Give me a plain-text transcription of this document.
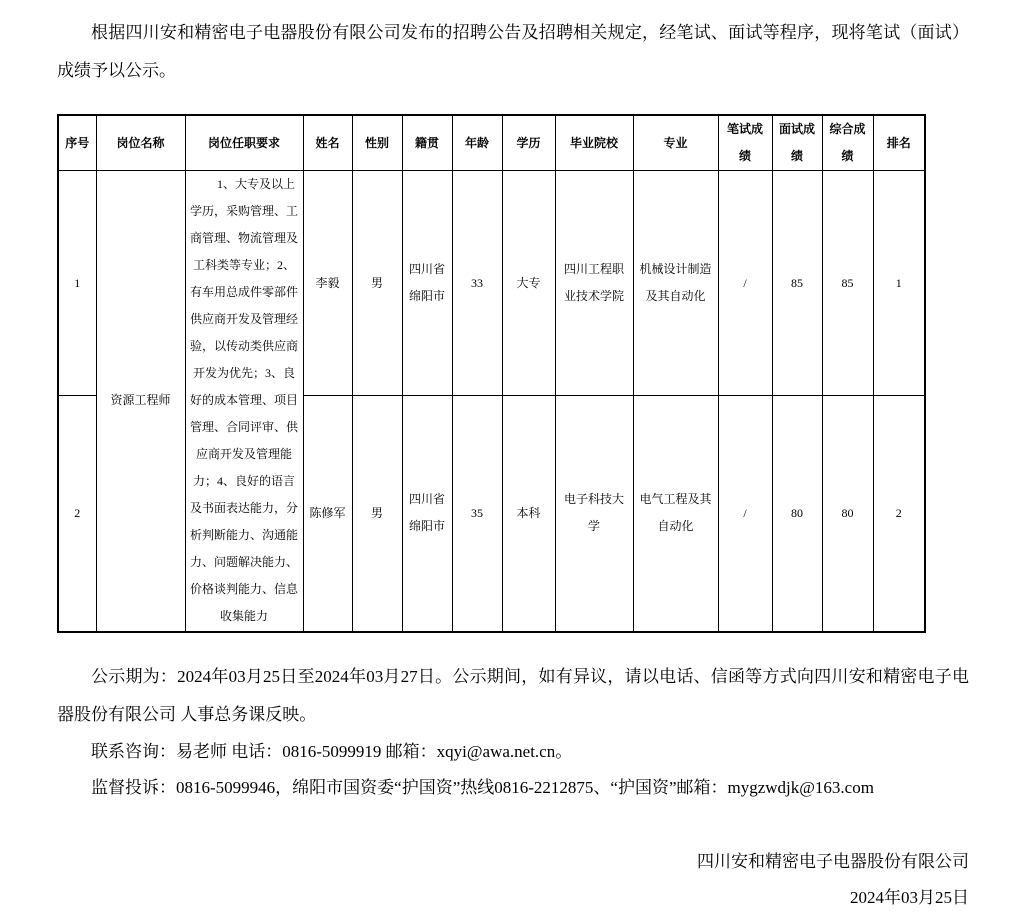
根据四川安和精密电子电器股份有限公司发布的招聘公告及招聘相关规定，经笔试、面试等程序，现将笔试（面试）成绩予以公示。

序号	岗位名称	岗位任职要求	姓名	性别	籍贯	年龄	学历	毕业院校	专业	笔试成绩	面试成绩	综合成绩	排名
1	资源工程师	1、大专及以上学历，采购管理、工商管理、物流管理及工科类等专业；2、有车用总成件零部件供应商开发及管理经验，以传动类供应商开发为优先；3、良好的成本管理、项目管理、合同评审、供应商开发及管理能力；4、良好的语言及书面表达能力，分析判断能力、沟通能力、问题解决能力、价格谈判能力、信息收集能力	李毅	男	四川省绵阳市	33	大专	四川工程职业技术学院	机械设计制造及其自动化	/	85	85	1
2			陈修军	男	四川省绵阳市	35	本科	电子科技大学	电气工程及其自动化	/	80	80	2

公示期为：2024年03月25日至2024年03月27日。公示期间，如有异议，请以电话、信函等方式向四川安和精密电子电器股份有限公司 人事总务课反映。

联系咨询：易老师 电话：0816-5099919 邮箱：xqyi@awa.net.cn。

监督投诉：0816-5099946，绵阳市国资委“护国资”热线0816-2212875、“护国资”邮箱：mygzwdjk@163.com

四川安和精密电子电器股份有限公司
2024年03月25日
